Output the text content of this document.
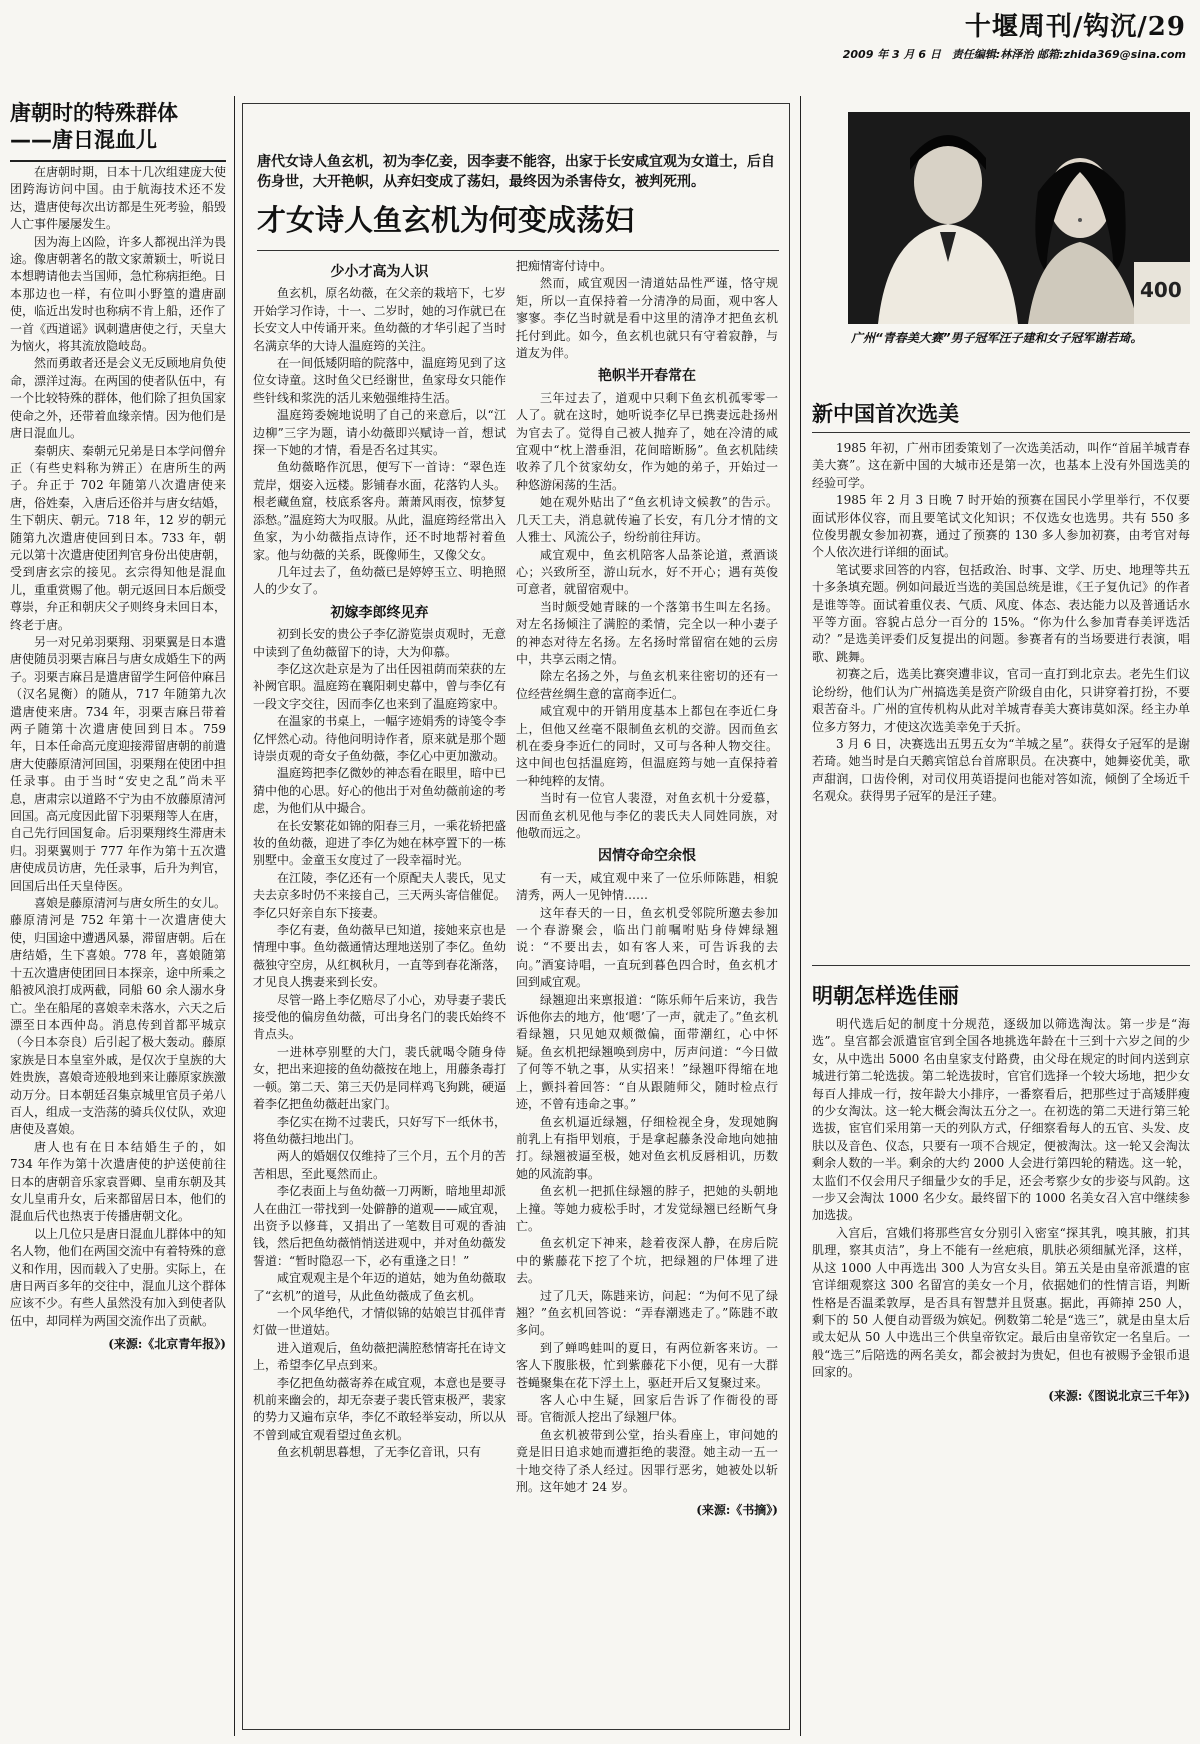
十堰周刊/钩沉/29
2009 年 3 月 6 日　责任编辑:林泽治 邮箱:zhida369@sina.com
唐朝时的特殊群体
——唐日混血儿

在唐朝时期，日本十几次组建庞大使团跨海访问中国。由于航海技术还不发达，遣唐使每次出访都是生死考验，船毁人亡事件屡屡发生。

因为海上凶险，许多人都视出洋为畏途。像唐朝著名的散文家萧颖士，听说日本想聘请他去当国师，急忙称病拒绝。日本那边也一样，有位叫小野篁的遣唐副使，临近出发时也称病不肯上船，还作了一首《西道谣》讽刺遣唐使之行，天皇大为恼火，将其流放隐岐岛。

然而勇敢者还是会义无反顾地肩负使命，漂洋过海。在两国的使者队伍中，有一个比较特殊的群体，他们除了担负国家使命之外，还带着血缘亲情。因为他们是唐日混血儿。

秦朝庆、秦朝元兄弟是日本学问僧弁正（有些史料称为辨正）在唐所生的两子。弁正于 702 年随第八次遣唐使来唐，俗姓秦，入唐后还俗并与唐女结婚，生下朝庆、朝元。718 年，12 岁的朝元随第九次遣唐使回到日本。733 年，朝元以第十次遣唐使团判官身份出使唐朝，受到唐玄宗的接见。玄宗得知他是混血儿，重重赏赐了他。朝元返回日本后颇受尊崇，弁正和朝庆父子则终身未回日本，终老于唐。

另一对兄弟羽栗翔、羽栗翼是日本遣唐使随员羽栗吉麻吕与唐女成婚生下的两子。羽栗吉麻吕是遣唐留学生阿倍仲麻吕（汉名晁衡）的随从，717 年随第九次遣唐使来唐。734 年，羽栗吉麻吕带着两子随第十次遣唐使回到日本。759 年，日本任命高元度迎接滞留唐朝的前遣唐大使藤原清河回国，羽栗翔在使团中担任录事。由于当时“安史之乱”尚未平息，唐肃宗以道路不宁为由不放藤原清河回国。高元度因此留下羽栗翔等人在唐，自己先行回国复命。后羽栗翔终生滞唐未归。羽栗翼则于 777 年作为第十五次遣唐使成员访唐，先任录事，后升为判官，回国后出任天皇侍医。

喜娘是藤原清河与唐女所生的女儿。藤原清河是 752 年第十一次遣唐使大使，归国途中遭遇风暴，滞留唐朝。后在唐结婚，生下喜娘。778 年，喜娘随第十五次遣唐使团回日本探亲，途中所乘之船被风浪打成两截，同船 60 余人溺水身亡。坐在船尾的喜娘幸未落水，六天之后漂至日本西仲岛。消息传到首都平城京（今日本奈良）后引起了极大轰动。藤原家族是日本皇室外戚，是仅次于皇族的大姓贵族，喜娘奇迹般地到来让藤原家族激动万分。日本朝廷召集京城里官员子弟八百人，组成一支浩荡的骑兵仪仗队，欢迎唐使及喜娘。

唐人也有在日本结婚生子的，如 734 年作为第十次遣唐使的护送使前往日本的唐朝音乐家袁晋卿、皇甫东朝及其女儿皇甫升女，后来都留居日本，他们的混血后代也热衷于传播唐朝文化。

以上几位只是唐日混血儿群体中的知名人物，他们在两国交流中有着特殊的意义和作用，因而载入了史册。实际上，在唐日两百多年的交往中，混血儿这个群体应该不少。有些人虽然没有加入到使者队伍中，却同样为两国交流作出了贡献。

(来源:《北京青年报》)

唐代女诗人鱼玄机，初为李亿妾，因李妻不能容，出家于长安咸宜观为女道士，后自伤身世，大开艳帜，从弃妇变成了荡妇，最终因为杀害侍女，被判死刑。
才女诗人鱼玄机为何变成荡妇
少小才高为人识

鱼玄机，原名幼薇，在父亲的栽培下，七岁开始学习作诗，十一、二岁时，她的习作就已在长安文人中传诵开来。鱼幼薇的才华引起了当时名满京华的大诗人温庭筠的关注。

在一间低矮阴暗的院落中，温庭筠见到了这位女诗童。这时鱼父已经谢世，鱼家母女只能作些针线和浆洗的活儿来勉强维持生活。

温庭筠委婉地说明了自己的来意后，以“江边柳”三字为题，请小幼薇即兴赋诗一首，想试探一下她的才情，看是否名过其实。

鱼幼薇略作沉思，便写下一首诗：“翠色连荒岸，烟姿入远楼。影铺春水面，花落钓人头。根老藏鱼窟，枝底系客舟。萧萧风雨夜，惊梦复添愁。”温庭筠大为叹服。从此，温庭筠经常出入鱼家，为小幼薇指点诗作，还不时地帮衬着鱼家。他与幼薇的关系，既像师生，又像父女。

几年过去了，鱼幼薇已是婷婷玉立、明艳照人的少女了。

初嫁李郎终见弃

初到长安的贵公子李亿游览崇贞观时，无意中读到了鱼幼薇留下的诗，大为仰慕。

李亿这次赴京是为了出任因祖荫而荣获的左补阙官职。温庭筠在襄阳刺史幕中，曾与李亿有一段文字交往，因而李亿也来到了温庭筠家中。

在温家的书桌上，一幅字迹娟秀的诗笺令李亿怦然心动。待他问明诗作者，原来就是那个题诗崇贞观的奇女子鱼幼薇，李亿心中更加激动。

温庭筠把李亿微妙的神态看在眼里，暗中已猜中他的心思。好心的他出于对鱼幼薇前途的考虑，为他们从中撮合。

在长安繁花如锦的阳春三月，一乘花轿把盛妆的鱼幼薇，迎进了李亿为她在林亭置下的一栋别墅中。金童玉女度过了一段幸福时光。

在江陵，李亿还有一个原配夫人裴氏，见丈夫去京多时仍不来接自己，三天两头寄信催促。李亿只好亲自东下接妻。

李亿有妻，鱼幼薇早已知道，接她来京也是情理中事。鱼幼薇通情达理地送别了李亿。鱼幼薇独守空房，从红枫秋月，一直等到春花渐落，才见良人携妻来到长安。

尽管一路上李亿赔尽了小心，劝导妻子裴氏接受他的偏房鱼幼薇，可出身名门的裴氏始终不肯点头。

一进林亭别墅的大门，裴氏就喝令随身侍女，把出来迎接的鱼幼薇按在地上，用藤条毒打一顿。第二天、第三天仍是同样鸡飞狗跳，硬逼着李亿把鱼幼薇赶出家门。

李亿实在拗不过裴氏，只好写下一纸休书，将鱼幼薇扫地出门。

两人的婚姻仅仅维持了三个月，五个月的苦苦相思，至此戛然而止。

李亿表面上与鱼幼薇一刀两断，暗地里却派人在曲江一带找到一处僻静的道观——咸宜观，出资予以修葺，又捐出了一笔数目可观的香油钱，然后把鱼幼薇悄悄送进观中，并对鱼幼薇发誓道：“暂时隐忍一下，必有重逢之日！”

咸宜观观主是个年迈的道姑，她为鱼幼薇取了“玄机”的道号，从此鱼幼薇成了鱼玄机。

一个风华绝代，才情似锦的姑娘岂甘孤伴青灯做一世道姑。

进入道观后，鱼幼薇把满腔愁情寄托在诗文上，希望李亿早点到来。

李亿把鱼幼薇寄养在咸宜观，本意也是要寻机前来幽会的，却无奈妻子裴氏管束极严，裴家的势力又遍布京华，李亿不敢轻举妄动，所以从不曾到咸宜观看望过鱼玄机。

鱼玄机朝思暮想，了无李亿音讯，只有

把痴情寄付诗中。

然而，咸宜观因一清道姑品性严谨，恪守规矩，所以一直保持着一分清净的局面，观中客人寥寥。李亿当时就是看中这里的清净才把鱼玄机托付到此。如今，鱼玄机也就只有守着寂静，与道友为伴。

艳帜半开春常在

三年过去了，道观中只剩下鱼玄机孤零零一人了。就在这时，她听说李亿早已携妻远赴扬州为官去了。觉得自己被人抛弃了，她在冷清的咸宜观中“枕上潜垂泪，花间暗断肠”。鱼玄机陆续收养了几个贫家幼女，作为她的弟子，开始过一种悠游闲荡的生活。

她在观外贴出了“鱼玄机诗文候教”的告示。几天工夫，消息就传遍了长安，有几分才情的文人雅士、风流公子，纷纷前往拜访。

咸宜观中，鱼玄机陪客人品茶论道，煮酒谈心；兴致所至，游山玩水，好不开心；遇有英俊可意者，就留宿观中。

当时颇受她青睐的一个落第书生叫左名扬。对左名扬倾注了满腔的柔情，完全以一种小妻子的神态对待左名扬。左名扬时常留宿在她的云房中，共享云雨之情。

除左名扬之外，与鱼玄机来往密切的还有一位经营丝绸生意的富商李近仁。

咸宜观中的开销用度基本上都包在李近仁身上，但他又丝毫不限制鱼玄机的交游。因而鱼玄机在委身李近仁的同时，又可与各种人物交往。这中间也包括温庭筠，但温庭筠与她一直保持着一种纯粹的友情。

当时有一位官人裴澄，对鱼玄机十分爱慕，因而鱼玄机见他与李亿的裴氏夫人同姓同族，对他敬而远之。

因情夺命空余恨

有一天，咸宜观中来了一位乐师陈韪，相貌清秀，两人一见钟情……

这年春天的一日，鱼玄机受邻院所邀去参加一个春游聚会，临出门前嘱咐贴身侍婢绿翘说：“不要出去，如有客人来，可告诉我的去向。”酒宴诗唱，一直玩到暮色四合时，鱼玄机才回到咸宜观。

绿翘迎出来禀报道：“陈乐师午后来访，我告诉他你去的地方，他‘嗯’了一声，就走了。”鱼玄机看绿翘，只见她双颊微偏，面带潮红，心中怀疑。鱼玄机把绿翘唤到房中，厉声问道：“今日做了何等不轨之事，从实招来！”绿翘吓得缩在地上，颤抖着回答：“自从跟随师父，随时检点行迹，不曾有违命之事。”

鱼玄机逼近绿翘，仔细检视全身，发现她胸前乳上有指甲划痕，于是拿起藤条没命地向她抽打。绿翘被逼至极，她对鱼玄机反唇相讥，历数她的风流韵事。

鱼玄机一把抓住绿翘的脖子，把她的头朝地上撞。等她力疲松手时，才发觉绿翘已经断气身亡。

鱼玄机定下神来，趁着夜深人静，在房后院中的紫藤花下挖了个坑，把绿翘的尸体埋了进去。

过了几天，陈韪来访，问起：“为何不见了绿翘？”鱼玄机回答说：“弄春潮逃走了。”陈韪不敢多问。

到了蝉鸣蛙叫的夏日，有两位新客来访。一客人下腹胀极，忙到紫藤花下小便，见有一大群苍蝇聚集在花下浮土上，驱赶开后又复聚过来。

客人心中生疑，回家后告诉了作衙役的哥哥。官衙派人挖出了绿翘尸体。

鱼玄机被带到公堂，抬头看座上，审问她的竟是旧日追求她而遭拒绝的裴澄。她主动一五一十地交待了杀人经过。因罪行恶劣，她被处以斩刑。这年她才 24 岁。

(来源:《书摘》)

400
广州“青春美大赛”男子冠军汪子建和女子冠军谢若琦。
新中国首次选美

1985 年初，广州市团委策划了一次选美活动，叫作“首届羊城青春美大赛”。这在新中国的大城市还是第一次，也基本上没有外国选美的经验可学。

1985 年 2 月 3 日晚 7 时开始的预赛在国民小学里举行，不仅要面试形体仪容，而且要笔试文化知识；不仅选女也选男。共有 550 多位俊男靓女参加初赛，通过了预赛的 130 多人参加初赛，由考官对每个人依次进行详细的面试。

笔试要求回答的内容，包括政治、时事、文学、历史、地理等共五十多条填充题。例如问最近当选的美国总统是谁，《王子复仇记》的作者是谁等等。面试着重仪表、气质、风度、体态、表达能力以及普通话水平等方面。容貌占总分一百分的 15%。“你为什么参加青春美评选活动？”是选美评委们反复提出的问题。参赛者有的当场要进行表演，唱歌、跳舞。

初赛之后，选美比赛突遭非议，官司一直打到北京去。老先生们议论纷纷，他们认为广州搞选美是资产阶级自由化，只讲穿着打扮，不要艰苦奋斗。广州的宣传机构从此对羊城青春美大赛讳莫如深。经主办单位多方努力，才使这次选美幸免于夭折。

3 月 6 日，决赛选出五男五女为“羊城之星”。获得女子冠军的是谢若琦。她当时是白天鹅宾馆总台首席职员。在决赛中，她舞姿优美，歌声甜润，口齿伶俐，对司仪用英语提问也能对答如流，倾倒了全场近千名观众。获得男子冠军的是汪子建。

明朝怎样选佳丽

明代选后妃的制度十分规范，逐级加以筛选淘汰。第一步是“海选”。皇宫都会派遣宦官到全国各地挑选年龄在十三到十六岁之间的少女，从中选出 5000 名由皇家支付路费，由父母在规定的时间内送到京城进行第二轮选拔。第二轮选拔时，官官们选择一个较大场地，把少女每百人排成一行，按年龄大小排序，一番察看后，把那些过于高矮胖瘦的少女淘汰。这一轮大概会淘汰五分之一。在初选的第二天进行第三轮选拔，宦官们采用第一天的列队方式，仔细察看每人的五官、头发、皮肤以及音色、仪态，只要有一项不合规定，便被淘汰。这一轮又会淘汰剩余人数的一半。剩余的大约 2000 人会进行第四轮的精选。这一轮，太监们不仅会用尺子细量少女的手足，还会考察少女的步姿与风韵。这一步又会淘汰 1000 名少女。最终留下的 1000 名美女召入宫中继续参加选拔。

入宫后，宫娥们将那些宫女分别引入密室“探其乳，嗅其腋，扪其肌理，察其贞洁”，身上不能有一丝疤痕，肌肤必须细腻光泽，这样，从这 1000 人中再选出 300 人为宫女头目。第五关是由皇帝派遣的宦官详细观察这 300 名留宫的美女一个月，依据她们的性情言语，判断性格是否温柔敦厚，是否具有智慧并且贤惠。据此，再筛掉 250 人，剩下的 50 人便自动晋级为嫔妃。例数第二轮是“选三”，就是由皇太后或太妃从 50 人中选出三个供皇帝钦定。最后由皇帝钦定一名皇后。一般“选三”后陪选的两名美女，都会被封为贵妃，但也有被赐予金银币退回家的。

(来源:《图说北京三千年》)
